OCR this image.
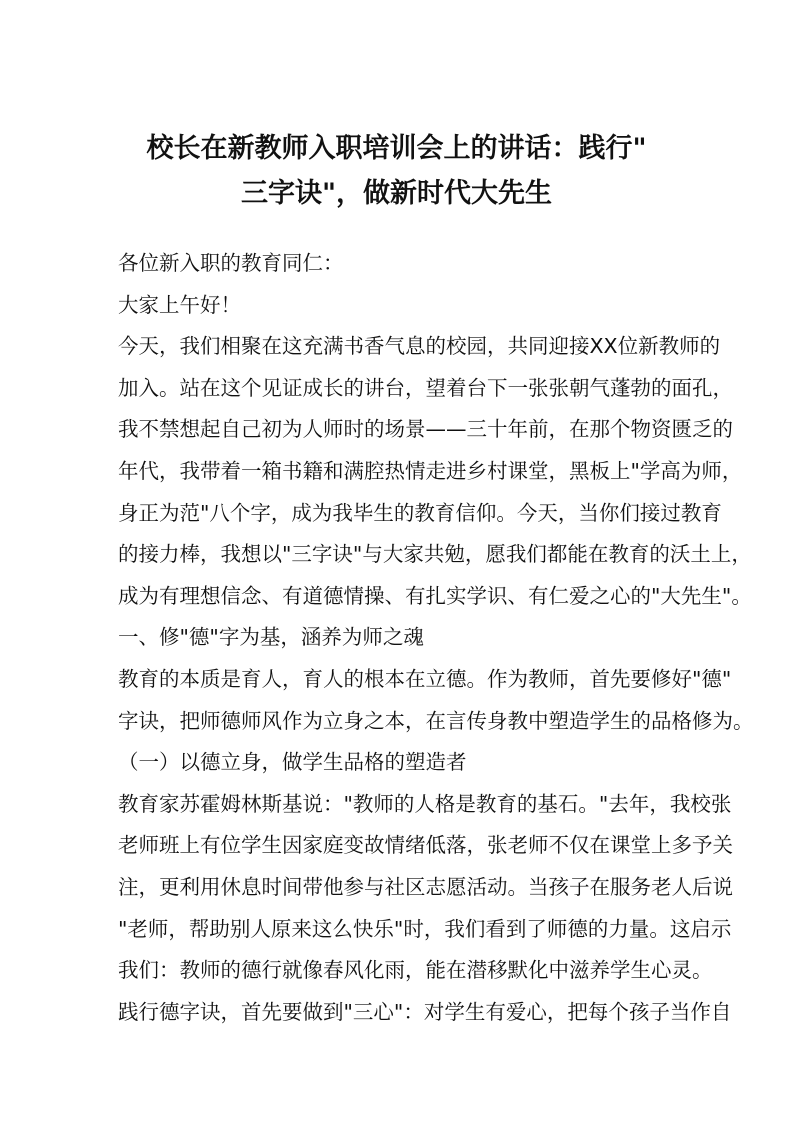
校长在新教师入职培训会上的讲话：践行"
三字诀"，做新时代大先生
各位新入职的教育同仁：
大家上午好！
今天，我们相聚在这充满书香气息的校园，共同迎接XX位新教师的
加入。站在这个见证成长的讲台，望着台下一张张朝气蓬勃的面孔，
我不禁想起自己初为人师时的场景——三十年前，在那个物资匮乏的
年代，我带着一箱书籍和满腔热情走进乡村课堂，黑板上"学高为师，
身正为范"八个字，成为我毕生的教育信仰。今天，当你们接过教育
的接力棒，我想以"三字诀"与大家共勉，愿我们都能在教育的沃土上，
成为有理想信念、有道德情操、有扎实学识、有仁爱之心的"大先生"。
一、修"德"字为基，涵养为师之魂
教育的本质是育人，育人的根本在立德。作为教师，首先要修好"德"
字诀，把师德师风作为立身之本，在言传身教中塑造学生的品格修为。
（一）以德立身，做学生品格的塑造者
教育家苏霍姆林斯基说："教师的人格是教育的基石。"去年，我校张
老师班上有位学生因家庭变故情绪低落，张老师不仅在课堂上多予关
注，更利用休息时间带他参与社区志愿活动。当孩子在服务老人后说
"老师，帮助别人原来这么快乐"时，我们看到了师德的力量。这启示
我们：教师的德行就像春风化雨，能在潜移默化中滋养学生心灵。
践行德字诀，首先要做到"三心"：对学生有爱心，把每个孩子当作自
